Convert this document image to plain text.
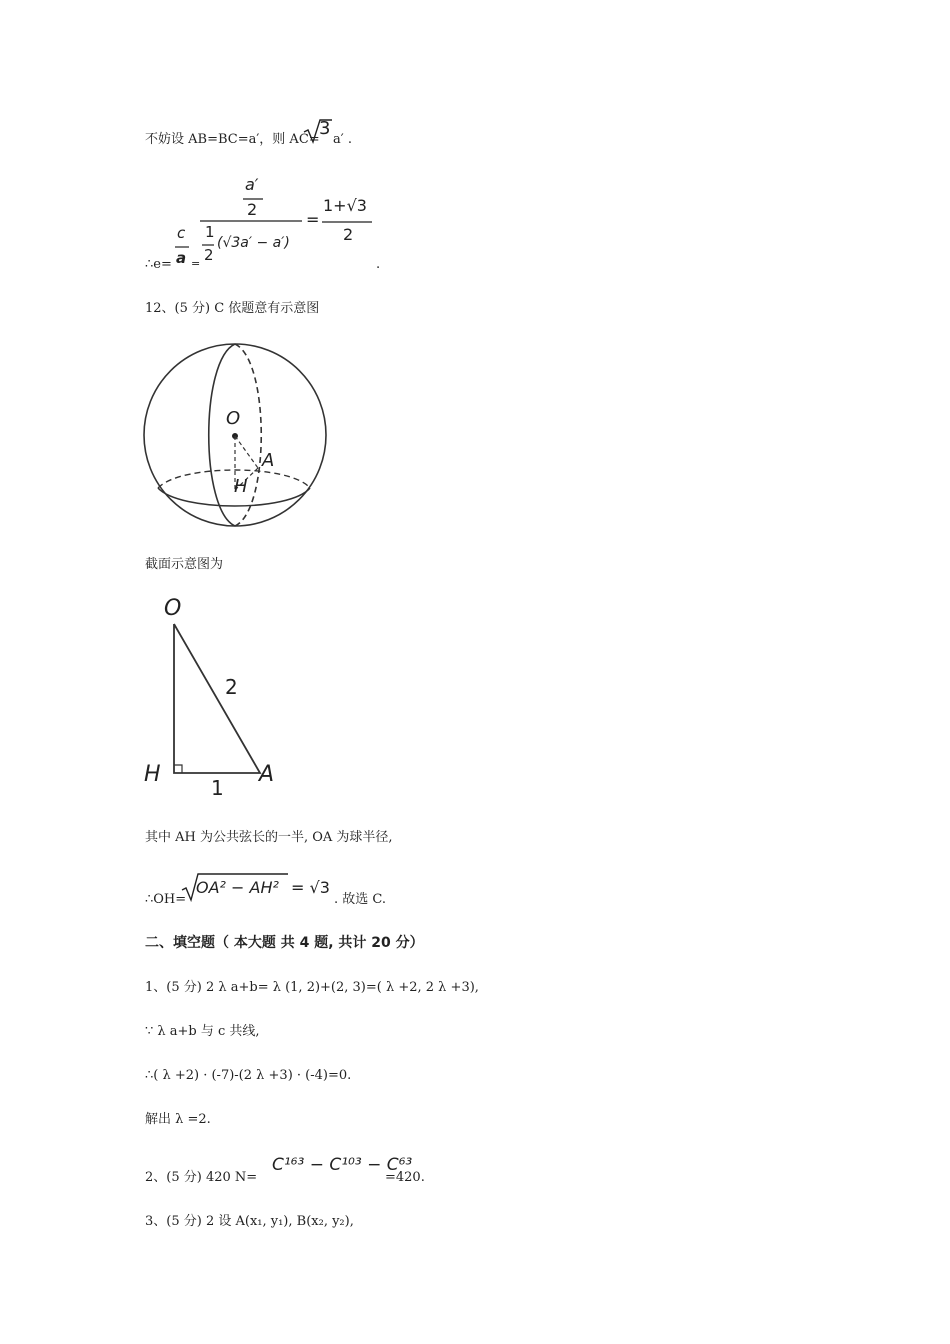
不妨设 AB=BC=a′，则 AC=
3
a′ .
∴e=
c
a =
a′
2
1
2
(√3a′ − a′)
=
1+√3
2
.
12、(5 分) C 依题意有示意图
O
A
H
截面示意图为
O
2
H	A
1
其中 AH 为公共弦长的一半, OA 为球半径,
∴OH=
OA² − AH² = √3
. 故选 C.
二、填空题（ 本大题 共 4 题, 共计 20 分）
1、(5 分) 2 λ a+b= λ (1, 2)+(2, 3)=( λ +2, 2 λ +3),
∵ λ a+b 与 c 共线,
∴( λ +2) · (-7)-(2 λ +3) · (-4)=0.
解出 λ =2.
2、(5 分) 420 N=
C¹⁶³ − C¹⁰³ − C⁶³
=420.
3、(5 分) 2 设 A(x₁, y₁), B(x₂, y₂),
